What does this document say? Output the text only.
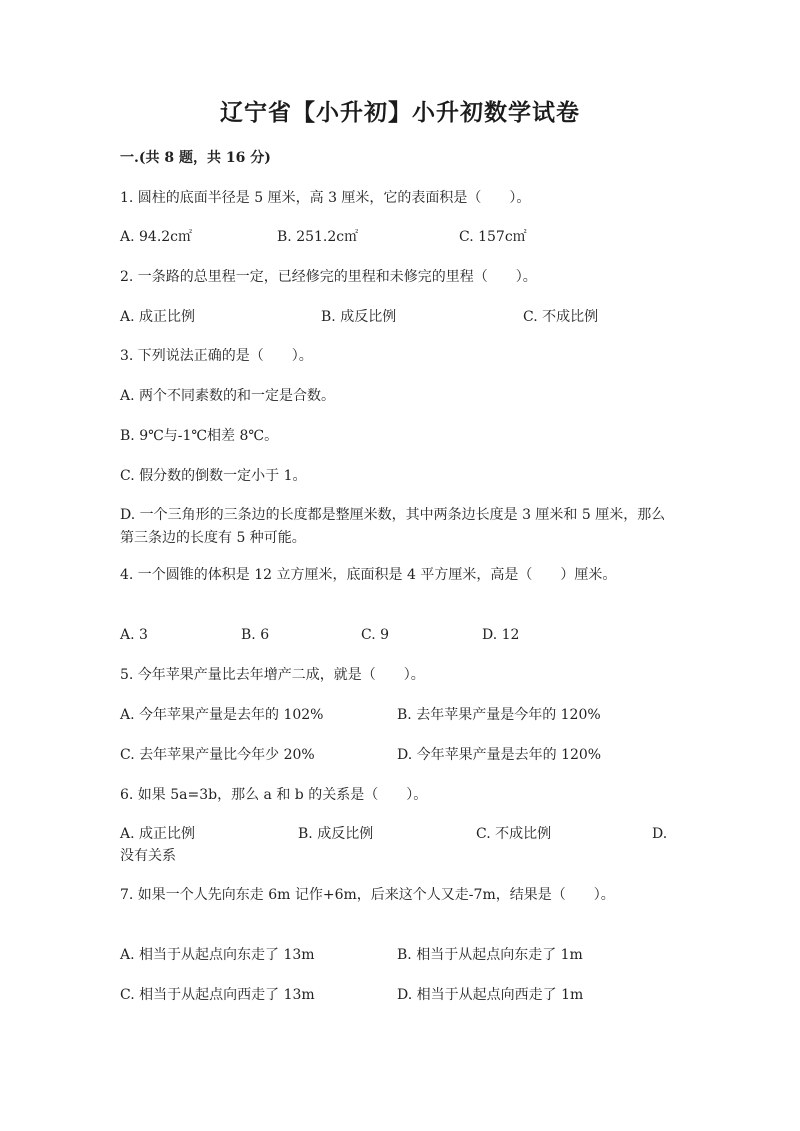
辽宁省【小升初】小升初数学试卷
一.(共 8 题，共 16 分)
1. 圆柱的底面半径是 5 厘米，高 3 厘米，它的表面积是（　　）。
A. 94.2c㎡	B. 251.2c㎡	C. 157c㎡
2. 一条路的总里程一定，已经修完的里程和未修完的里程（　　）。
A. 成正比例	B. 成反比例	C. 不成比例
3. 下列说法正确的是（　　）。
A. 两个不同素数的和一定是合数。
B. 9℃与-1℃相差 8℃。
C. 假分数的倒数一定小于 1。
D. 一个三角形的三条边的长度都是整厘米数，其中两条边长度是 3 厘米和 5 厘米，那么第三条边的长度有 5 种可能。
4. 一个圆锥的体积是 12 立方厘米，底面积是 4 平方厘米，高是（　　）厘米。
A. 3	B. 6	C. 9	D. 12
5. 今年苹果产量比去年增产二成，就是（　　）。
A. 今年苹果产量是去年的 102%	B. 去年苹果产量是今年的 120%
C. 去年苹果产量比今年少 20%	D. 今年苹果产量是去年的 120%
6. 如果 5a=3b，那么 a 和 b 的关系是（　　）。
A. 成正比例	B. 成反比例	C. 不成比例	D.
没有关系
7. 如果一个人先向东走 6m 记作+6m，后来这个人又走-7m，结果是（　　）。
A. 相当于从起点向东走了 13m	B. 相当于从起点向东走了 1m
C. 相当于从起点向西走了 13m	D. 相当于从起点向西走了 1m
